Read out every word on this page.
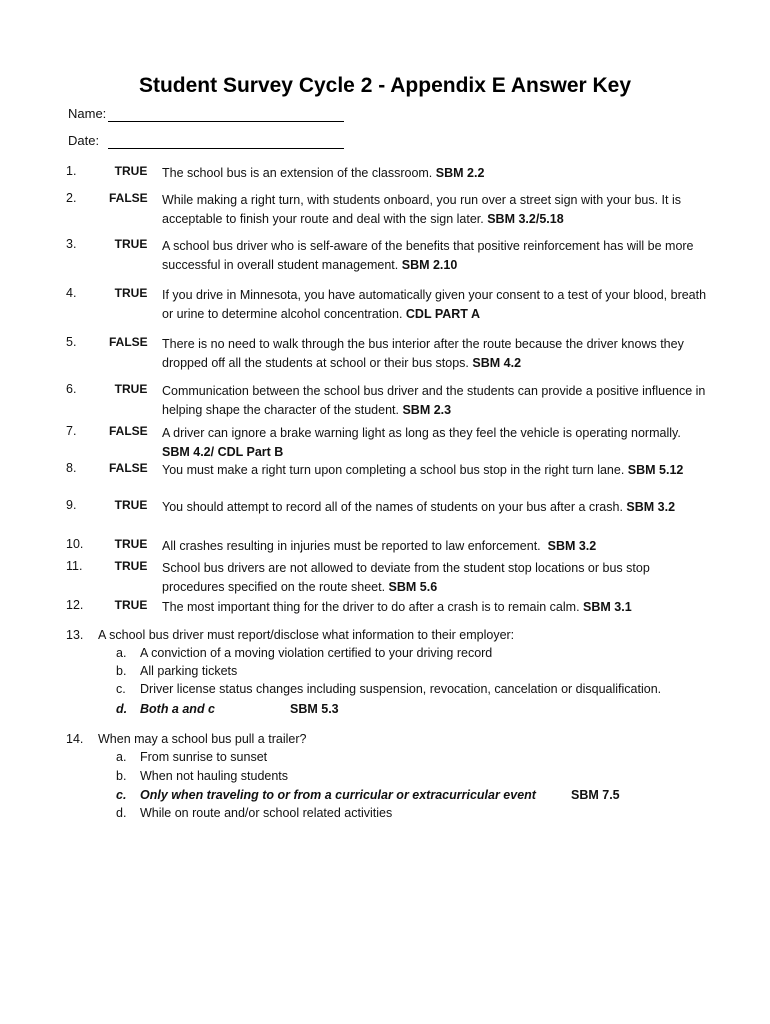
Student Survey Cycle 2 - Appendix E Answer Key
Name:
Date:
1.	TRUE The school bus is an extension of the classroom. SBM 2.2
2.	FALSE While making a right turn, with students onboard, you run over a street sign with your bus. It is acceptable to finish your route and deal with the sign later. SBM 3.2/5.18
3.	TRUE A school bus driver who is self-aware of the benefits that positive reinforcement has will be more successful in overall student management. SBM 2.10
4.	TRUE If you drive in Minnesota, you have automatically given your consent to a test of your blood, breath or urine to determine alcohol concentration. CDL PART A
5.	FALSE There is no need to walk through the bus interior after the route because the driver knows they dropped off all the students at school or their bus stops. SBM 4.2
6.	TRUE Communication between the school bus driver and the students can provide a positive influence in helping shape the character of the student. SBM 2.3
7.	FALSE A driver can ignore a brake warning light as long as they feel the vehicle is operating normally.
SBM 4.2/ CDL Part B
8.	FALSE You must make a right turn upon completing a school bus stop in the right turn lane. SBM 5.12
9.	TRUE You should attempt to record all of the names of students on your bus after a crash. SBM 3.2
10.	TRUE All crashes resulting in injuries must be reported to law enforcement. SBM 3.2
11.	TRUE School bus drivers are not allowed to deviate from the student stop locations or bus stop procedures specified on the route sheet. SBM 5.6
12.	TRUE The most important thing for the driver to do after a crash is to remain calm. SBM 3.1
13. A school bus driver must report/disclose what information to their employer:
a. A conviction of a moving violation certified to your driving record
b. All parking tickets
c. Driver license status changes including suspension, revocation, cancelation or disqualification.
d. Both a and c	SBM 5.3
14. When may a school bus pull a trailer?
a. From sunrise to sunset
b. When not hauling students
c. Only when traveling to or from a curricular or extracurricular event	SBM 7.5
d. While on route and/or school related activities
